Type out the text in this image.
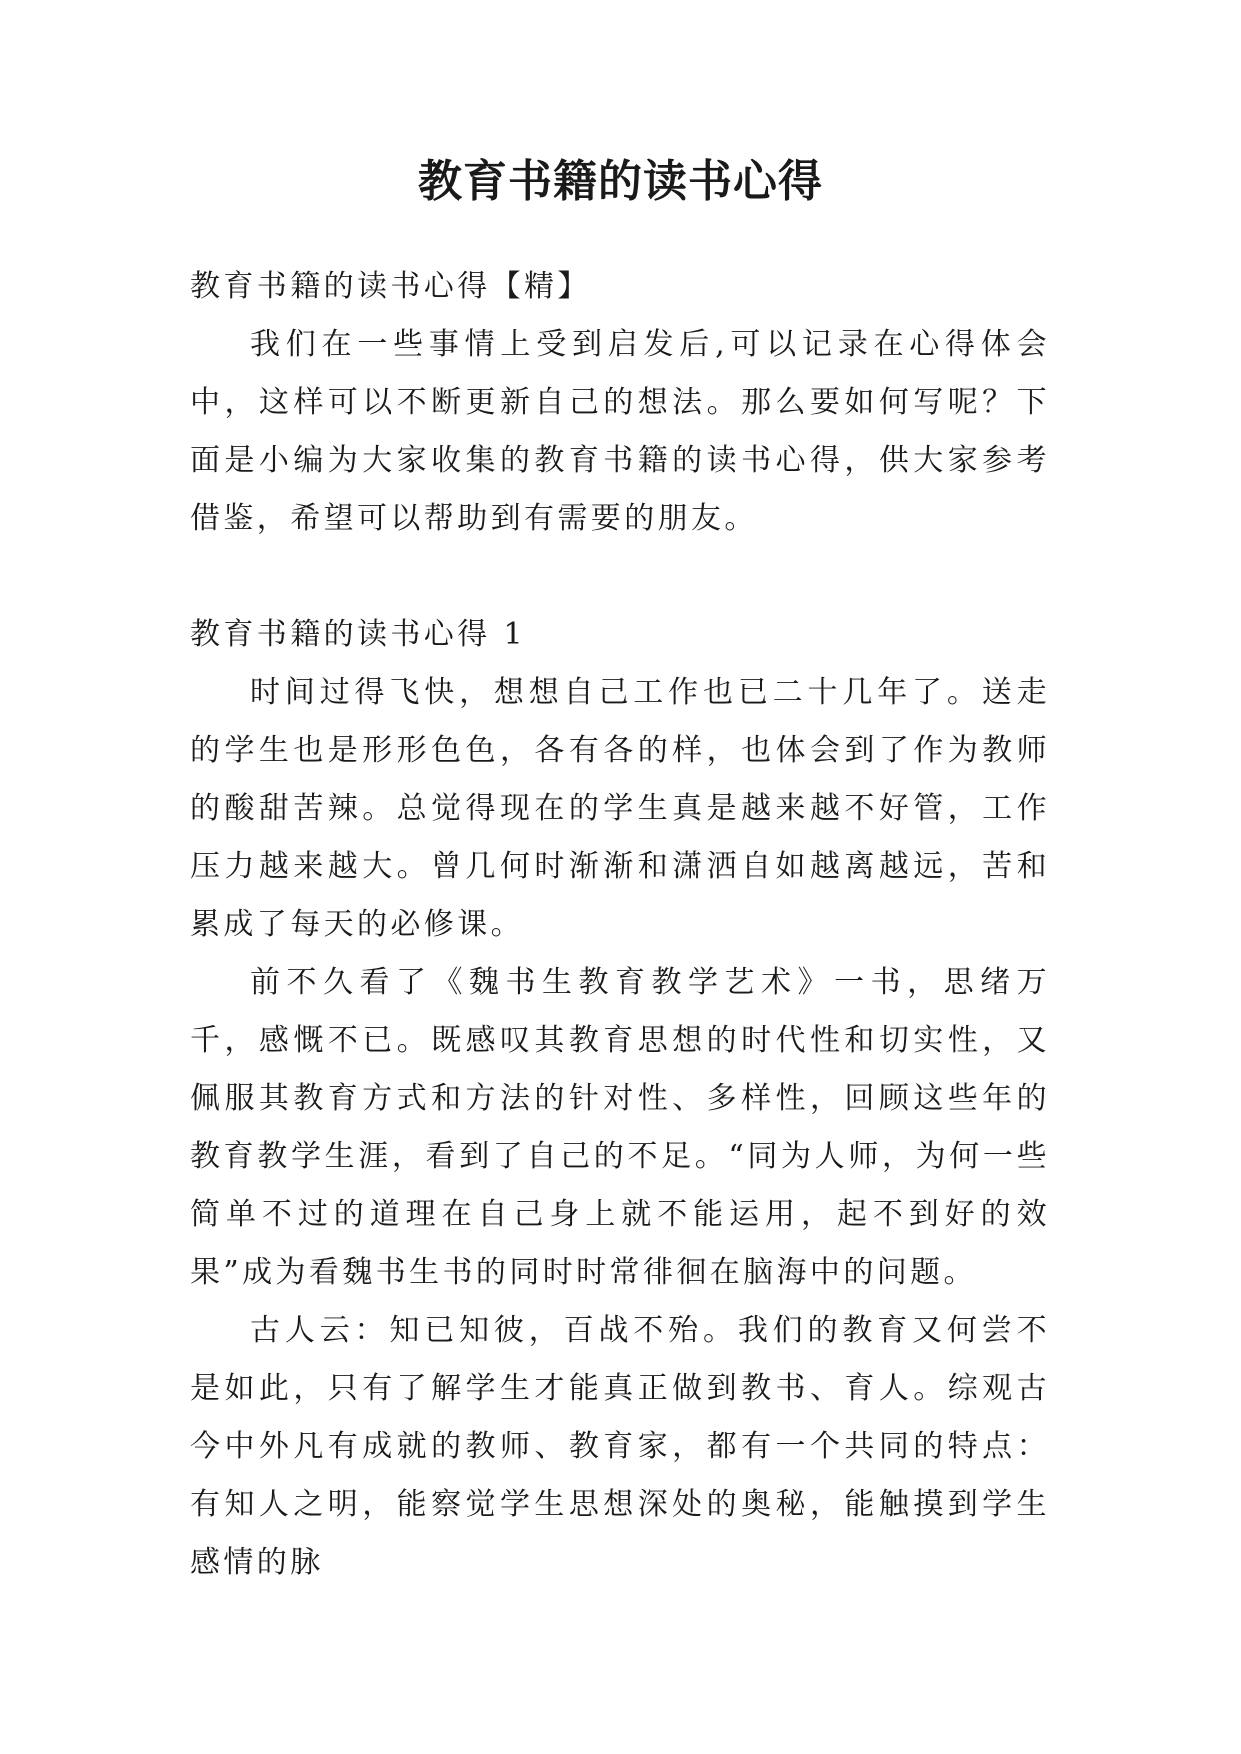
教育书籍的读书心得

教育书籍的读书心得【精】

我们在一些事情上受到启发后,可以记录在心得体会中，这样可以不断更新自己的想法。那么要如何写呢？下面是小编为大家收集的教育书籍的读书心得，供大家参考借鉴，希望可以帮助到有需要的朋友。

教育书籍的读书心得 1

时间过得飞快，想想自己工作也已二十几年了。送走的学生也是形形色色，各有各的样，也体会到了作为教师的酸甜苦辣。总觉得现在的学生真是越来越不好管，工作压力越来越大。曾几何时渐渐和潇洒自如越离越远，苦和累成了每天的必修课。

前不久看了《魏书生教育教学艺术》一书，思绪万千，感慨不已。既感叹其教育思想的时代性和切实性，又佩服其教育方式和方法的针对性、多样性，回顾这些年的教育教学生涯，看到了自己的不足。“同为人师，为何一些简单不过的道理在自己身上就不能运用，起不到好的效果”成为看魏书生书的同时时常徘徊在脑海中的问题。

古人云：知已知彼，百战不殆。我们的教育又何尝不是如此，只有了解学生才能真正做到教书、育人。综观古今中外凡有成就的教师、教育家，都有一个共同的特点：有知人之明，能察觉学生思想深处的奥秘，能触摸到学生感情的脉
